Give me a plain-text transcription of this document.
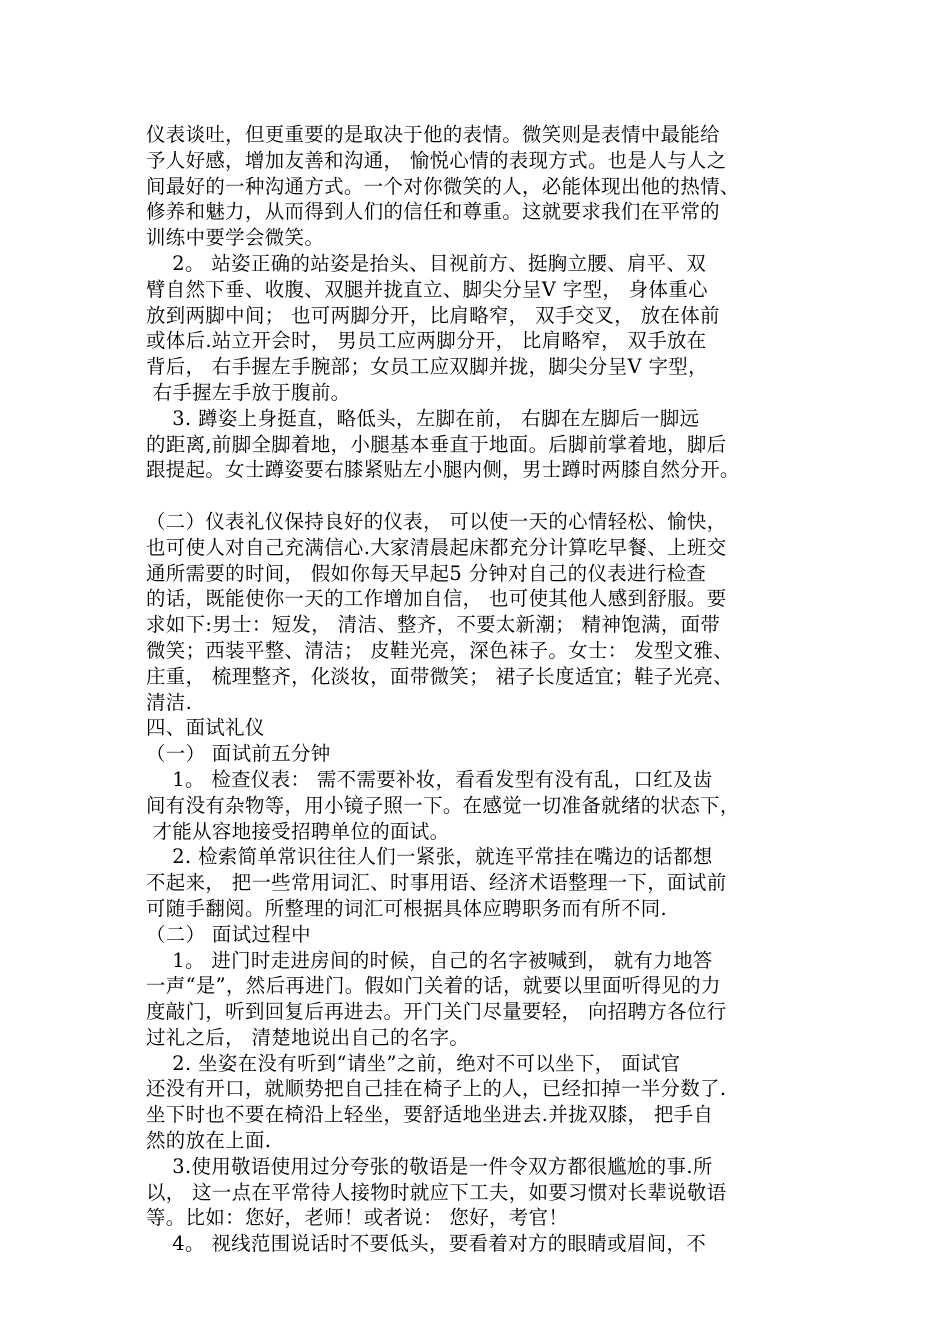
仪表谈吐，但更重要的是取决于他的表情。微笑则是表情中最能给
予人好感，增加友善和沟通， 愉悦心情的表现方式。也是人与人之
间最好的一种沟通方式。一个对你微笑的人，必能体现出他的热情、
修养和魅力，从而得到人们的信任和尊重。这就要求我们在平常的
训练中要学会微笑。
2。 站姿正确的站姿是抬头、目视前方、挺胸立腰、肩平、双
臂自然下垂、收腹、双腿并拢直立、脚尖分呈V 字型， 身体重心
放到两脚中间； 也可两脚分开，比肩略窄， 双手交叉， 放在体前
或体后.站立开会时， 男员工应两脚分开， 比肩略窄， 双手放在
背后， 右手握左手腕部；女员工应双脚并拢，脚尖分呈V 字型，
右手握左手放于腹前。
3. 蹲姿上身挺直，略低头，左脚在前， 右脚在左脚后一脚远
的距离,前脚全脚着地，小腿基本垂直于地面。后脚前掌着地，脚后
跟提起。女士蹲姿要右膝紧贴左小腿内侧，男士蹲时两膝自然分开。
（二）仪表礼仪保持良好的仪表， 可以使一天的心情轻松、愉快，
也可使人对自己充满信心.大家清晨起床都充分计算吃早餐、上班交
通所需要的时间， 假如你每天早起5 分钟对自己的仪表进行检查
的话，既能使你一天的工作增加自信， 也可使其他人感到舒服。要
求如下:男士：短发， 清洁、整齐，不要太新潮； 精神饱满，面带
微笑；西装平整、清洁； 皮鞋光亮，深色袜子。女士： 发型文雅、
庄重， 梳理整齐，化淡妆，面带微笑； 裙子长度适宜；鞋子光亮、
清洁.
四、面试礼仪
（一） 面试前五分钟
1。 检查仪表： 需不需要补妆，看看发型有没有乱，口红及齿
间有没有杂物等，用小镜子照一下。在感觉一切准备就绪的状态下，
才能从容地接受招聘单位的面试。
2. 检索简单常识往往人们一紧张，就连平常挂在嘴边的话都想
不起来， 把一些常用词汇、时事用语、经济术语整理一下，面试前
可随手翻阅。所整理的词汇可根据具体应聘职务而有所不同.
（二） 面试过程中
1。 进门时走进房间的时候，自己的名字被喊到， 就有力地答
一声“是”，然后再进门。假如门关着的话，就要以里面听得见的力
度敲门，听到回复后再进去。开门关门尽量要轻， 向招聘方各位行
过礼之后， 清楚地说出自己的名字。
2. 坐姿在没有听到“请坐”之前，绝对不可以坐下， 面试官
还没有开口，就顺势把自己挂在椅子上的人，已经扣掉一半分数了.
坐下时也不要在椅沿上轻坐，要舒适地坐进去.并拢双膝， 把手自
然的放在上面.
3.使用敬语使用过分夸张的敬语是一件令双方都很尴尬的事.所
以， 这一点在平常待人接物时就应下工夫，如要习惯对长辈说敬语
等。比如：您好，老师！或者说： 您好，考官！
4。 视线范围说话时不要低头，要看着对方的眼睛或眉间，不
